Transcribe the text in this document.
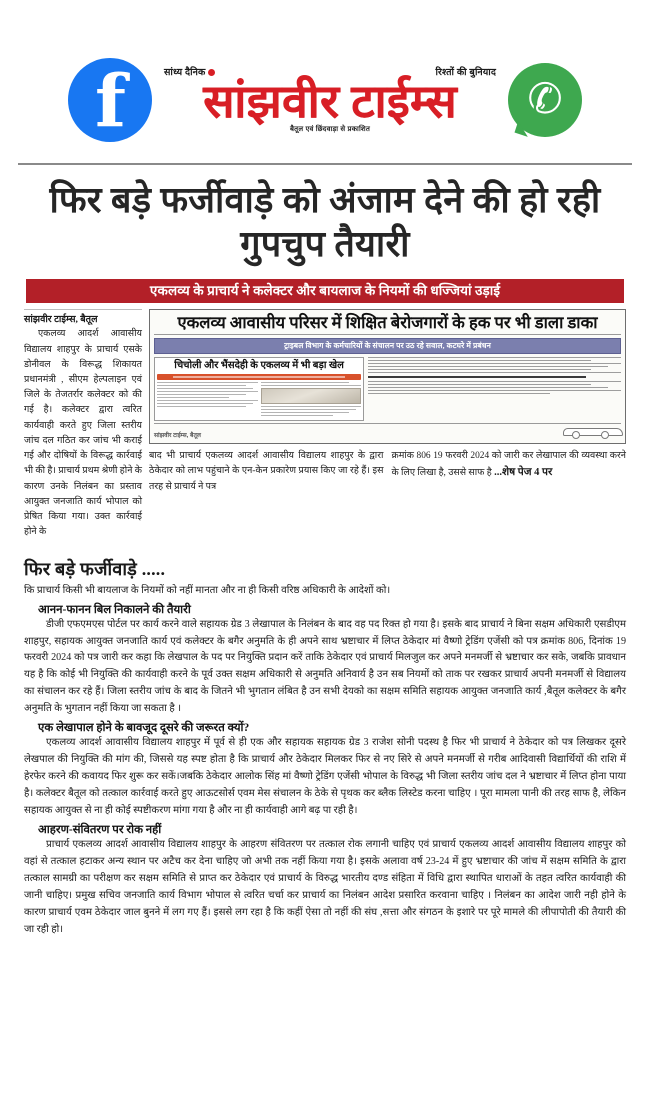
f	सांध्य दैनिक	रिश्तों की बुनियाद
सांझवीर टाईम्स
बैतूल एवं छिंदवाड़ा से प्रकाशित
✆
फिर बड़े फर्जीवाड़े को अंजाम देने की हो रही गुपचुप तैयारी
एकलव्य के प्राचार्य ने कलेक्टर और बायलाज के नियमों की धज्जियां उड़ाई
सांझवीर टाईम्स, बैतूल
एकलव्य आदर्श आवासीय विद्यालय शाहपुर के प्राचार्य एसके डोनीवल के विरूद्ध शिकायत प्रधानमंत्री , सीएम हेल्पलाइन एवं जिले के तेजतर्रार कलेक्टर को की गई है। कलेक्टर द्वारा त्वरित कार्यवाही करते हुए जिला स्तरीय जांच दल गठित कर जांच भी कराई गई और दोषियों के विरूद्ध कार्रवाई भी की है। प्राचार्य प्रथम श्रेणी होने के कारण उनके निलंबन का प्रस्ताव आयुक्त जनजाति कार्य भोपाल को प्रेषित किया गया। उक्त कार्रवाई होने के
एकलव्य आवासीय परिसर में शिक्षित बेरोजगारों के हक पर भी डाला डाका
ट्राइबल विभाग के कर्मचारियों के संचालन पर उठ रहे सवाल, कटघरे में प्रबंधन
चिचोली और भैंसदेही के एकलव्य में भी बड़ा खेल
सांझवीर टाईम्स, बैतूल
बाद भी प्राचार्य एकलव्य आदर्श आवासीय विद्यालय शाहपुर के द्वारा ठेकेदार को लाभ पहुंचाने के एन-केन प्रकारेण प्रयास किए जा रहे हैं। इस तरह से प्राचार्य ने पत्र
क्रमांक 806 19 फरवरी 2024 को जारी कर लेखापाल की व्यवस्था करने के लिए लिखा है, उससे साफ है ...शेष पेज 4 पर
फिर बड़े फर्जीवाड़े .....
कि प्राचार्य किसी भी बायलाज के नियमों को नहीं मानता और ना ही किसी वरिष्ठ अधिकारी के आदेशों को।
आनन-फानन बिल निकालने की तैयारी
डीजी एफएमएस पोर्टल पर कार्य करने वाले सहायक ग्रेड 3 लेखापाल के निलंबन के बाद वह पद रिक्त हो गया है। इसके बाद प्राचार्य ने बिना सक्षम अधिकारी एसडीएम शाहपुर, सहायक आयुक्त जनजाति कार्य एवं कलेक्टर के बगैर अनुमति के ही अपने साथ भ्रष्टाचार में लिप्त ठेकेदार मां वैष्णो ट्रेडिंग एजेंसी को पत्र क्रमांक 806, दिनांक 19 फरवरी 2024 को पत्र जारी कर कहा कि लेखपाल के पद पर नियुक्ति प्रदान करें ताकि ठेकेदार एवं प्राचार्य मिलजुल कर अपने मनमर्जी से भ्रष्टाचार कर सके, जबकि प्रावधान यह है कि कोई भी नियुक्ति की कार्यवाही करने के पूर्व उक्त सक्षम अधिकारी से अनुमति अनिवार्य है उन सब नियमों को ताक पर रखकर प्राचार्य अपनी मनमर्जी से विद्यालय का संचालन कर रहे हैं। जिला स्तरीय जांच के बाद के जितने भी भुगतान लंबित है उन सभी देयको का सक्षम समिति सहायक आयुक्त जनजाति कार्य ,बैतूल कलेक्टर के बगैर अनुमति के भुगतान नहीं किया जा सकता है ।
एक लेखापाल होने के बावजूद दूसरे की जरूरत क्यों?
एकलव्य आदर्श आवासीय विद्यालय शाहपुर में पूर्व से ही एक और सहायक सहायक ग्रेड 3 राजेश सोनी पदस्थ है फिर भी प्राचार्य ने ठेकेदार को पत्र लिखकर दूसरे लेखपाल की नियुक्ति की मांग की, जिससे यह स्पष्ट होता है कि प्राचार्य और ठेकेदार मिलकर फिर से नए सिरे से अपने मनमर्जी से गरीब आदिवासी विद्यार्थियों की राशि में हेरफेर करने की कवायद फिर शुरू कर सकें।जबकि ठेकेदार आलोक सिंह मां वैष्णो ट्रेडिंग एजेंसी भोपाल के विरुद्ध भी जिला स्तरीय जांच दल ने भ्रष्टाचार में लिप्त होना पाया है। कलेक्टर बैतूल को तत्काल कार्रवाई करते हुए आऊटसोर्स एवम मेस संचालन के ठेके से पृथक कर ब्लैक लिस्टेड करना चाहिए । पूरा मामला पानी की तरह साफ है, लेकिन सहायक आयुक्त से ना ही कोई स्पष्टीकरण मांगा गया है और ना ही कार्यवाही आगे बढ़ पा रही है।
आहरण-संवितरण पर रोक नहीं
प्राचार्य एकलव्य आदर्श आवासीय विद्यालय शाहपुर के आहरण संवितरण पर तत्काल रोक लगानी चाहिए एवं प्राचार्य एकलव्य आदर्श आवासीय विद्यालय शाहपुर को वहां से तत्काल हटाकर अन्य स्थान पर अटैच कर देना चाहिए जो अभी तक नहीं किया गया है। इसके अलावा वर्ष 23-24 में हुए भ्रष्टाचार की जांच में सक्षम समिति के द्वारा तत्काल सामग्री का परीक्षण कर सक्षम समिति से प्राप्त कर ठेकेदार एवं प्राचार्य के विरुद्ध भारतीय दण्ड संहिता में विधि द्वारा स्थापित धाराओं के तहत त्वरित कार्यवाही की जानी चाहिए। प्रमुख सचिव जनजाति कार्य विभाग भोपाल से त्वरित चर्चा कर प्राचार्य का निलंबन आदेश प्रसारित करवाना चाहिए । निलंबन का आदेश जारी नही होने के कारण प्राचार्य एवम ठेकेदार जाल बुनने में लग गए हैं। इससे लग रहा है कि कहीं ऐसा तो नहीं की संघ ,सत्ता और संगठन के इशारे पर पूरे मामले की लीपापोती की तैयारी की जा रही हो।
